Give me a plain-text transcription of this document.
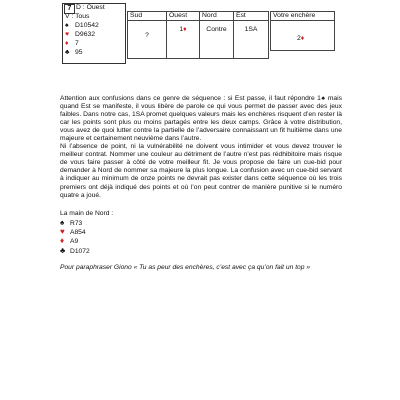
7 D : Ouest
V : Tous
♠ D10542
♥ D9632
♦ 7
♣ 95
Sud	Ouest	Nord	Est
?	1♦	Contre	1SA
Votre enchère
2♦

Attention aux confusions dans ce genre de séquence : si Est passe, il faut répondre 1♠ mais quand Est se manifeste, il vous libère de parole ce qui vous permet de passer avec des jeux faibles. Dans notre cas, 1SA promet quelques valeurs mais les enchères risquent d’en rester là car les points sont plus ou moins partagés entre les deux camps. Grâce à votre distribution, vous avez de quoi lutter contre la partielle de l’adversaire connaissant un fit huitième dans une majeure et certainement neuvième dans l’autre.

Ni l’absence de point, ni la vulnérabilité ne doivent vous intimider et vous devez trouver le meilleur contrat. Nommer une couleur au détriment de l’autre n’est pas rédhibitoire mais risque de vous faire passer à côté de votre meilleur fit. Je vous propose de faire un cue-bid pour demander à Nord de nommer sa majeure la plus longue. La confusion avec un cue-bid servant à indiquer au minimum de onze points ne devrait pas exister dans cette séquence où les trois premiers ont déjà indiqué des points et où l’on peut contrer de manière punitive si le numéro quatre a joué.

La main de Nord :
♠ R73
♥ A854
♦ A9
♣ D1072
Pour paraphraser Giono « Tu as peur des enchères, c’est avec ça qu’on fait un top »
